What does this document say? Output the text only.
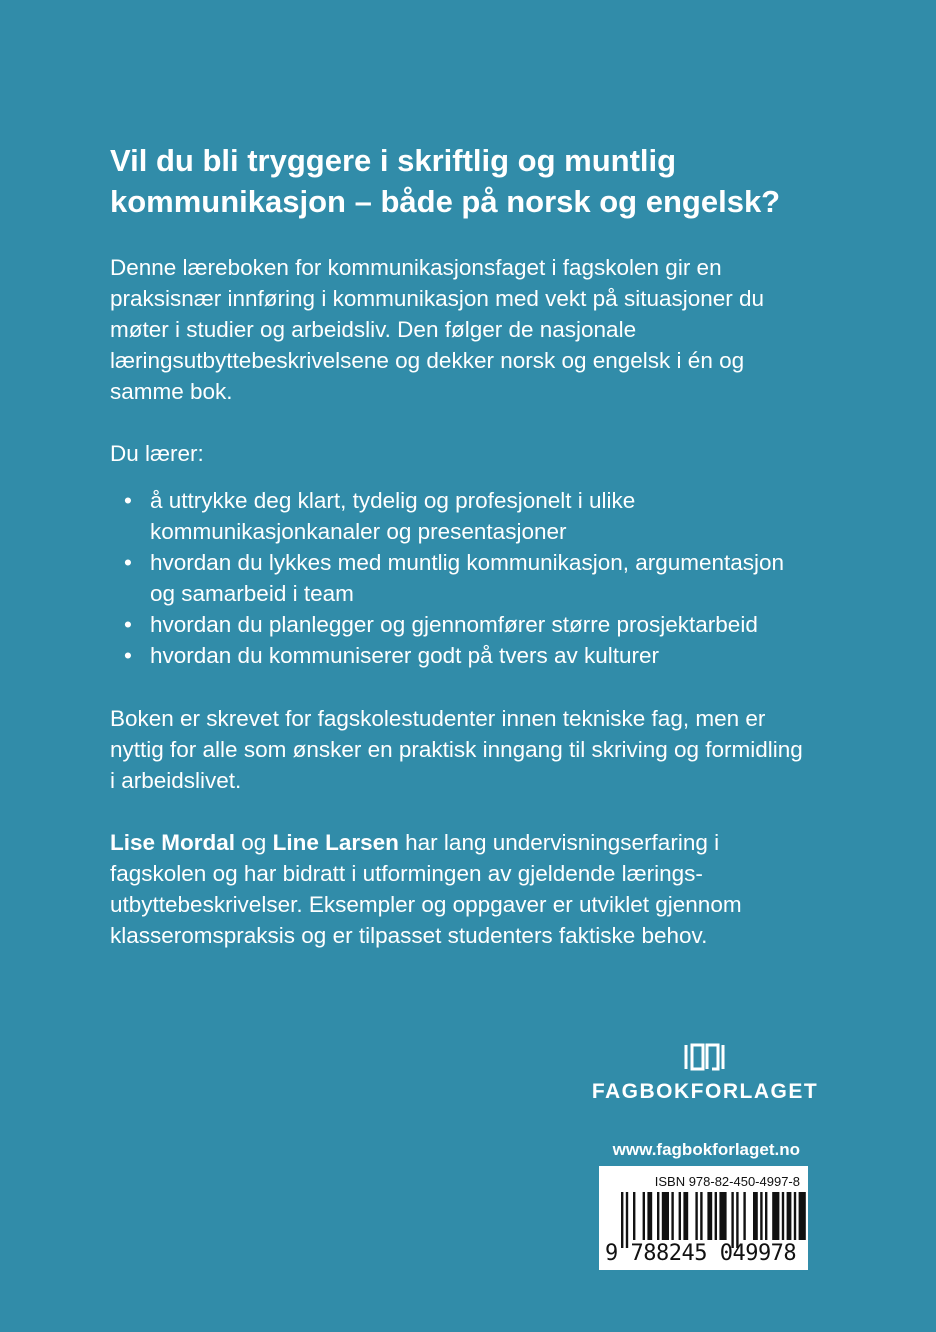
Vil du bli tryggere i skriftlig og muntlig kommunikasjon – både på norsk og engelsk?

Denne læreboken for kommunikasjonsfaget i fagskolen gir en praksisnær innføring i kommunikasjon med vekt på situasjoner du møter i studier og arbeidsliv. Den følger de nasjonale læringsutbyttebeskrivelsene og dekker norsk og engelsk i én og samme bok.

Du lærer:

• å uttrykke deg klart, tydelig og profesjonelt i ulike kommunikasjonkanaler og presentasjoner
• hvordan du lykkes med muntlig kommunikasjon, argumentasjon og samarbeid i team
• hvordan du planlegger og gjennomfører større prosjektarbeid
• hvordan du kommuniserer godt på tvers av kulturer

Boken er skrevet for fagskolestudenter innen tekniske fag, men er nyttig for alle som ønsker en praktisk inngang til skriving og formidling i arbeidslivet.

Lise Mordal og Line Larsen har lang undervisningserfaring i fagskolen og har bidratt i utformingen av gjeldende lærings-utbyttebeskrivelser. Eksempler og oppgaver er utviklet gjennom klasseromspraksis og er tilpasset studenters faktiske behov.

FAGBOKFORLAGET
www.fagbokforlaget.no
ISBN 978-82-450-4997-8
9 788245 049978
